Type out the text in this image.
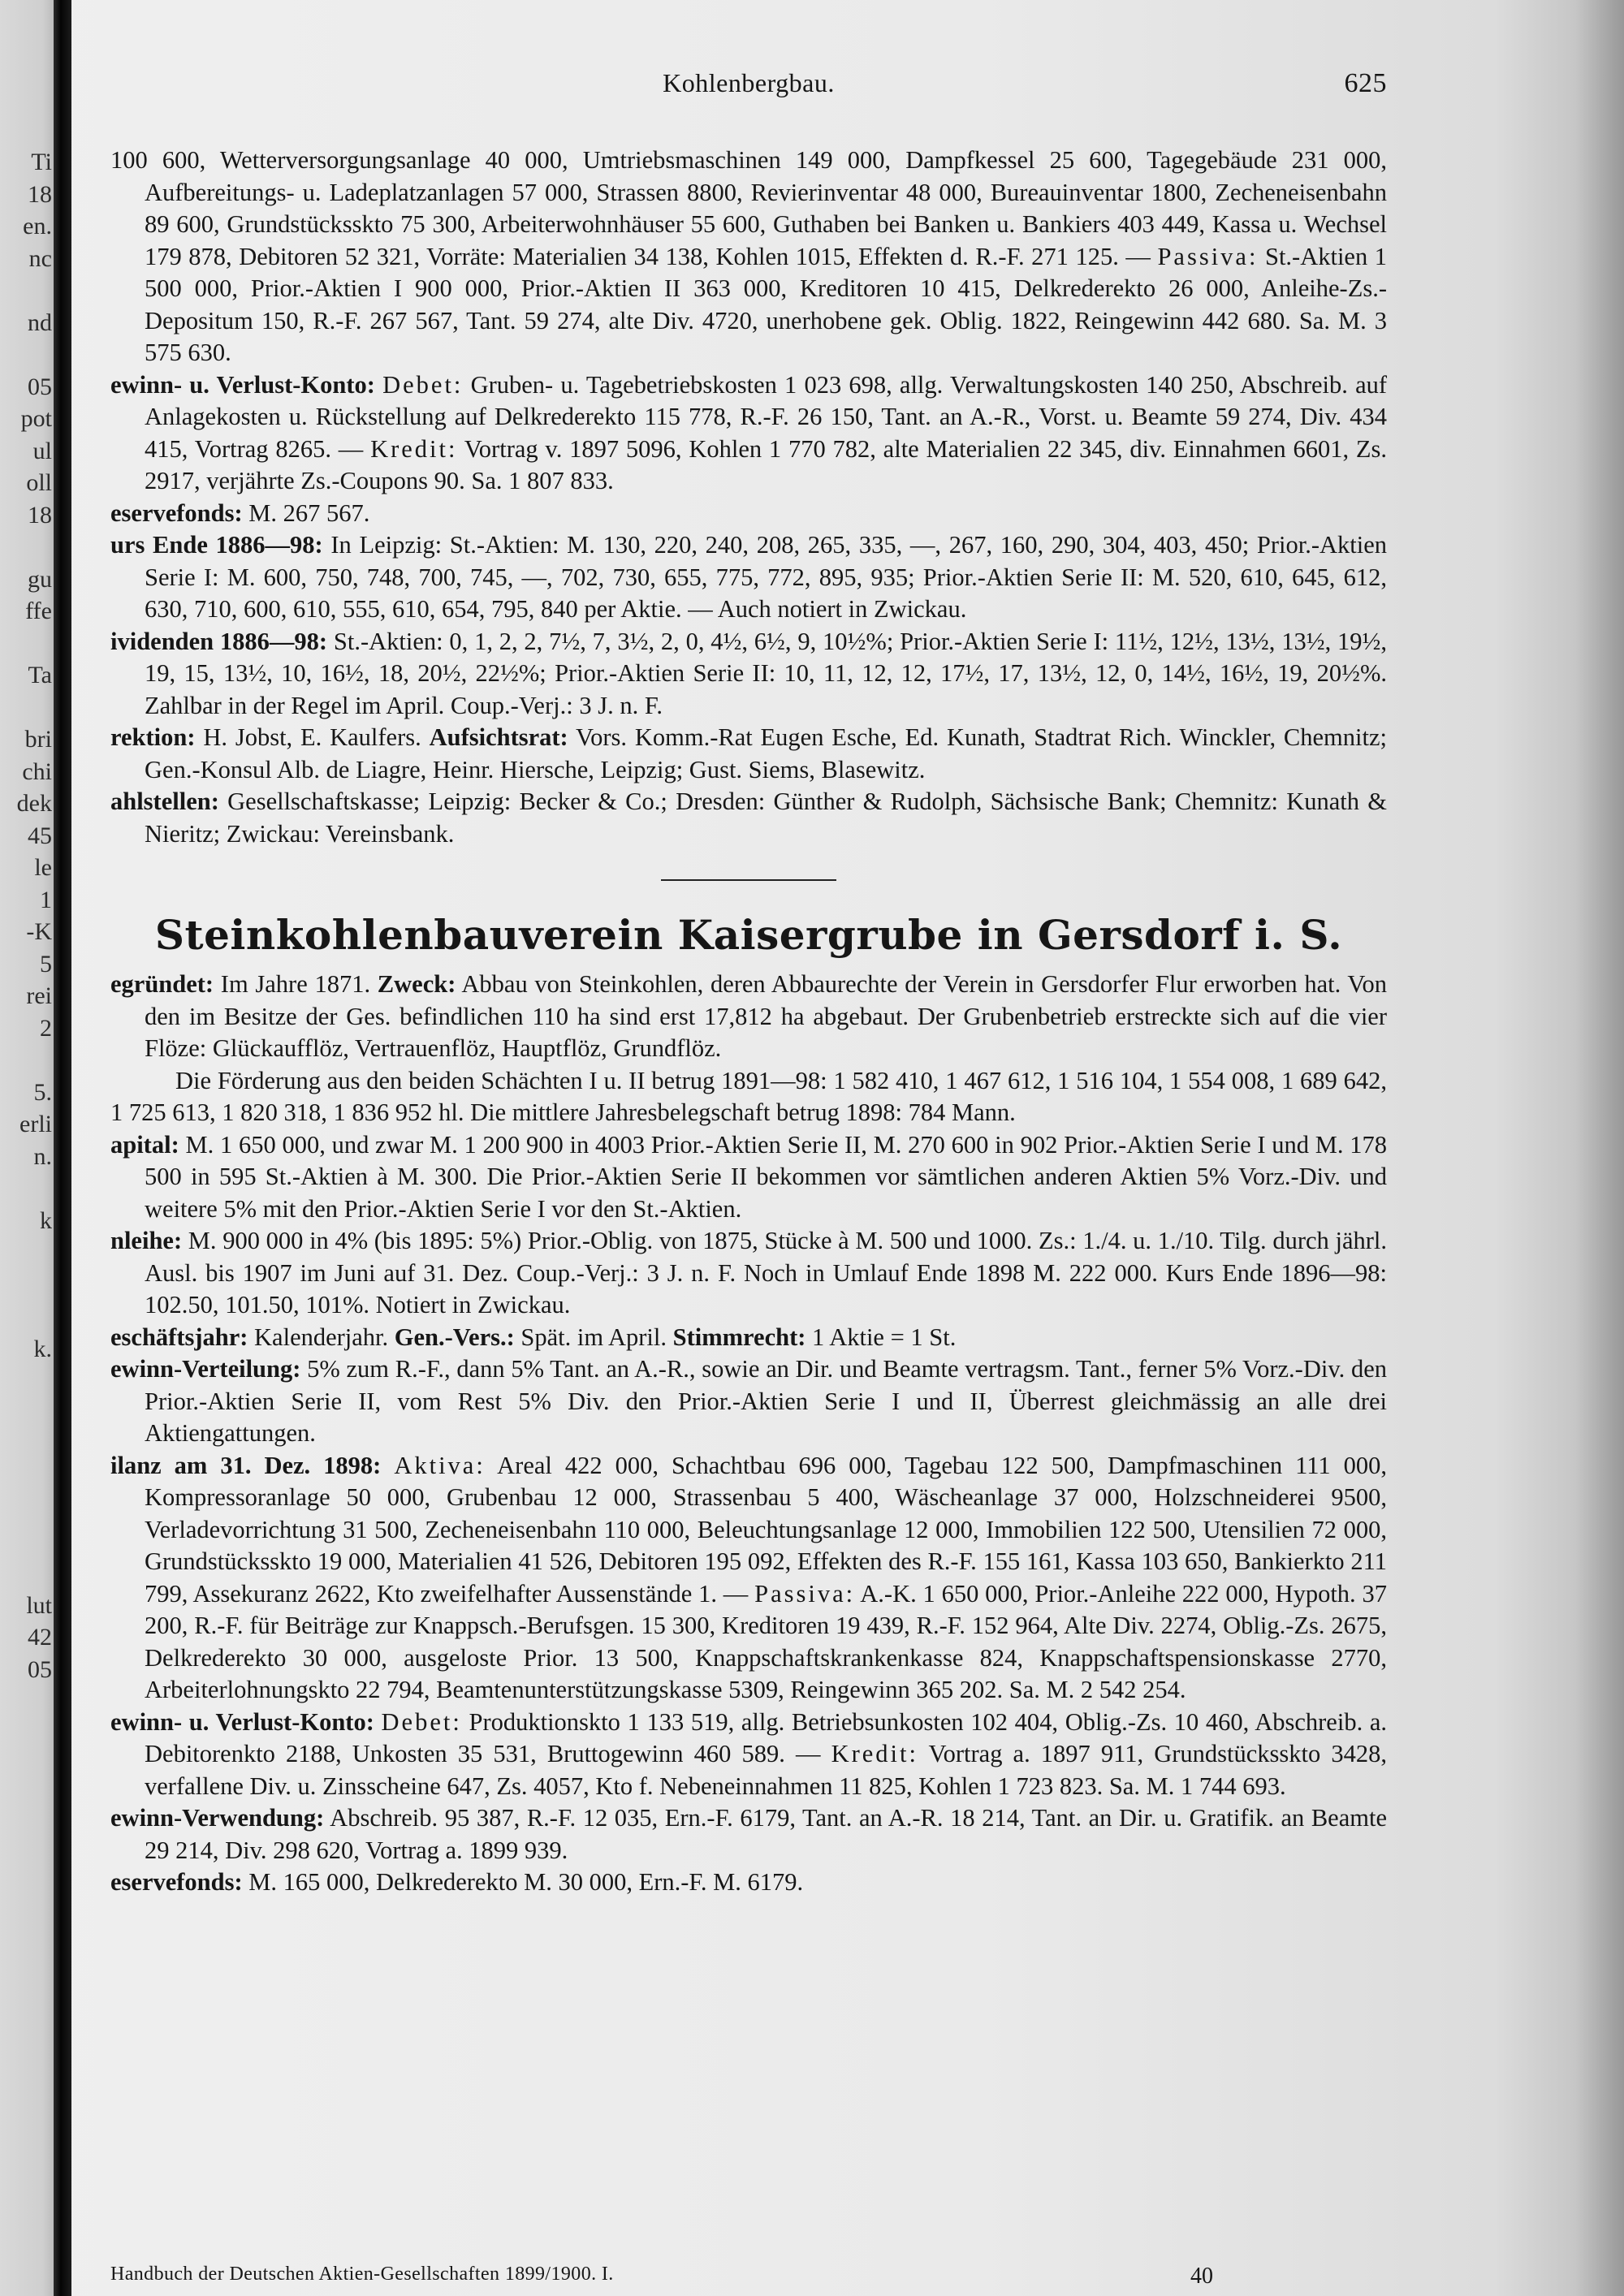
Ti
18
en.
nc
nd
05
pot
ul
oll
18
gu
ffe
Ta
bri
chi
dek
45
le
1
-K
5
rei
2
5.
erli
n.
k
k.
lut
42
05
Kohlenbergbau.	625

100 600, Wetterversorgungsanlage 40 000, Umtriebsmaschinen 149 000, Dampfkessel 25 600, Tagegebäude 231 000, Aufbereitungs- u. Ladeplatzanlagen 57 000, Strassen 8800, Revierinventar 48 000, Bureauinventar 1800, Zecheneisenbahn 89 600, Grundstücksskto 75 300, Arbeiterwohnhäuser 55 600, Guthaben bei Banken u. Bankiers 403 449, Kassa u. Wechsel 179 878, Debitoren 52 321, Vorräte: Materialien 34 138, Kohlen 1015, Effekten d. R.-F. 271 125. — Passiva: St.-Aktien 1 500 000, Prior.-Aktien I 900 000, Prior.-Aktien II 363 000, Kreditoren 10 415, Delkrederekto 26 000, Anleihe-Zs.-Depositum 150, R.-F. 267 567, Tant. 59 274, alte Div. 4720, unerhobene gek. Oblig. 1822, Reingewinn 442 680. Sa. M. 3 575 630.

ewinn- u. Verlust-Konto: Debet: Gruben- u. Tagebetriebskosten 1 023 698, allg. Verwaltungskosten 140 250, Abschreib. auf Anlagekosten u. Rückstellung auf Delkrederekto 115 778, R.-F. 26 150, Tant. an A.-R., Vorst. u. Beamte 59 274, Div. 434 415, Vortrag 8265. — Kredit: Vortrag v. 1897 5096, Kohlen 1 770 782, alte Materialien 22 345, div. Einnahmen 6601, Zs. 2917, verjährte Zs.-Coupons 90. Sa. 1 807 833.

eservefonds: M. 267 567.

urs Ende 1886—98: In Leipzig: St.-Aktien: M. 130, 220, 240, 208, 265, 335, —, 267, 160, 290, 304, 403, 450; Prior.-Aktien Serie I: M. 600, 750, 748, 700, 745, —, 702, 730, 655, 775, 772, 895, 935; Prior.-Aktien Serie II: M. 520, 610, 645, 612, 630, 710, 600, 610, 555, 610, 654, 795, 840 per Aktie. — Auch notiert in Zwickau.

ividenden 1886—98: St.-Aktien: 0, 1, 2, 2, 7½, 7, 3½, 2, 0, 4½, 6½, 9, 10½%; Prior.-Aktien Serie I: 11½, 12½, 13½, 13½, 19½, 19, 15, 13½, 10, 16½, 18, 20½, 22½%; Prior.-Aktien Serie II: 10, 11, 12, 12, 17½, 17, 13½, 12, 0, 14½, 16½, 19, 20½%. Zahlbar in der Regel im April. Coup.-Verj.: 3 J. n. F.

rektion: H. Jobst, E. Kaulfers. Aufsichtsrat: Vors. Komm.-Rat Eugen Esche, Ed. Kunath, Stadtrat Rich. Winckler, Chemnitz; Gen.-Konsul Alb. de Liagre, Heinr. Hiersche, Leipzig; Gust. Siems, Blasewitz.

ahlstellen: Gesellschaftskasse; Leipzig: Becker & Co.; Dresden: Günther & Rudolph, Sächsische Bank; Chemnitz: Kunath & Nieritz; Zwickau: Vereinsbank.

Steinkohlenbauverein Kaisergrube in Gersdorf i. S.

egründet: Im Jahre 1871. Zweck: Abbau von Steinkohlen, deren Abbaurechte der Verein in Gersdorfer Flur erworben hat. Von den im Besitze der Ges. befindlichen 110 ha sind erst 17,812 ha abgebaut. Der Grubenbetrieb erstreckte sich auf die vier Flöze: Glückaufflöz, Vertrauenflöz, Hauptflöz, Grundflöz.

Die Förderung aus den beiden Schächten I u. II betrug 1891—98: 1 582 410, 1 467 612, 1 516 104, 1 554 008, 1 689 642, 1 725 613, 1 820 318, 1 836 952 hl. Die mittlere Jahresbelegschaft betrug 1898: 784 Mann.

apital: M. 1 650 000, und zwar M. 1 200 900 in 4003 Prior.-Aktien Serie II, M. 270 600 in 902 Prior.-Aktien Serie I und M. 178 500 in 595 St.-Aktien à M. 300. Die Prior.-Aktien Serie II bekommen vor sämtlichen anderen Aktien 5% Vorz.-Div. und weitere 5% mit den Prior.-Aktien Serie I vor den St.-Aktien.

nleihe: M. 900 000 in 4% (bis 1895: 5%) Prior.-Oblig. von 1875, Stücke à M. 500 und 1000. Zs.: 1./4. u. 1./10. Tilg. durch jährl. Ausl. bis 1907 im Juni auf 31. Dez. Coup.-Verj.: 3 J. n. F. Noch in Umlauf Ende 1898 M. 222 000. Kurs Ende 1896—98: 102.50, 101.50, 101%. Notiert in Zwickau.

eschäftsjahr: Kalenderjahr. Gen.-Vers.: Spät. im April. Stimmrecht: 1 Aktie = 1 St.

ewinn-Verteilung: 5% zum R.-F., dann 5% Tant. an A.-R., sowie an Dir. und Beamte vertragsm. Tant., ferner 5% Vorz.-Div. den Prior.-Aktien Serie II, vom Rest 5% Div. den Prior.-Aktien Serie I und II, Überrest gleichmässig an alle drei Aktiengattungen.

ilanz am 31. Dez. 1898: Aktiva: Areal 422 000, Schachtbau 696 000, Tagebau 122 500, Dampfmaschinen 111 000, Kompressoranlage 50 000, Grubenbau 12 000, Strassenbau 5 400, Wäscheanlage 37 000, Holzschneiderei 9500, Verladevorrichtung 31 500, Zecheneisenbahn 110 000, Beleuchtungsanlage 12 000, Immobilien 122 500, Utensilien 72 000, Grundstücksskto 19 000, Materialien 41 526, Debitoren 195 092, Effekten des R.-F. 155 161, Kassa 103 650, Bankierkto 211 799, Assekuranz 2622, Kto zweifelhafter Aussenstände 1. — Passiva: A.-K. 1 650 000, Prior.-Anleihe 222 000, Hypoth. 37 200, R.-F. für Beiträge zur Knappsch.-Berufsgen. 15 300, Kreditoren 19 439, R.-F. 152 964, Alte Div. 2274, Oblig.-Zs. 2675, Delkrederekto 30 000, ausgeloste Prior. 13 500, Knappschaftskrankenkasse 824, Knappschaftspensionskasse 2770, Arbeiterlohnungskto 22 794, Beamtenunterstützungskasse 5309, Reingewinn 365 202. Sa. M. 2 542 254.

ewinn- u. Verlust-Konto: Debet: Produktionskto 1 133 519, allg. Betriebsunkosten 102 404, Oblig.-Zs. 10 460, Abschreib. a. Debitorenkto 2188, Unkosten 35 531, Bruttogewinn 460 589. — Kredit: Vortrag a. 1897 911, Grundstücksskto 3428, verfallene Div. u. Zinsscheine 647, Zs. 4057, Kto f. Nebeneinnahmen 11 825, Kohlen 1 723 823. Sa. M. 1 744 693.

ewinn-Verwendung: Abschreib. 95 387, R.-F. 12 035, Ern.-F. 6179, Tant. an A.-R. 18 214, Tant. an Dir. u. Gratifik. an Beamte 29 214, Div. 298 620, Vortrag a. 1899 939.

eservefonds: M. 165 000, Delkrederekto M. 30 000, Ern.-F. M. 6179.

Handbuch der Deutschen Aktien-Gesellschaften 1899/1900. I.	40
